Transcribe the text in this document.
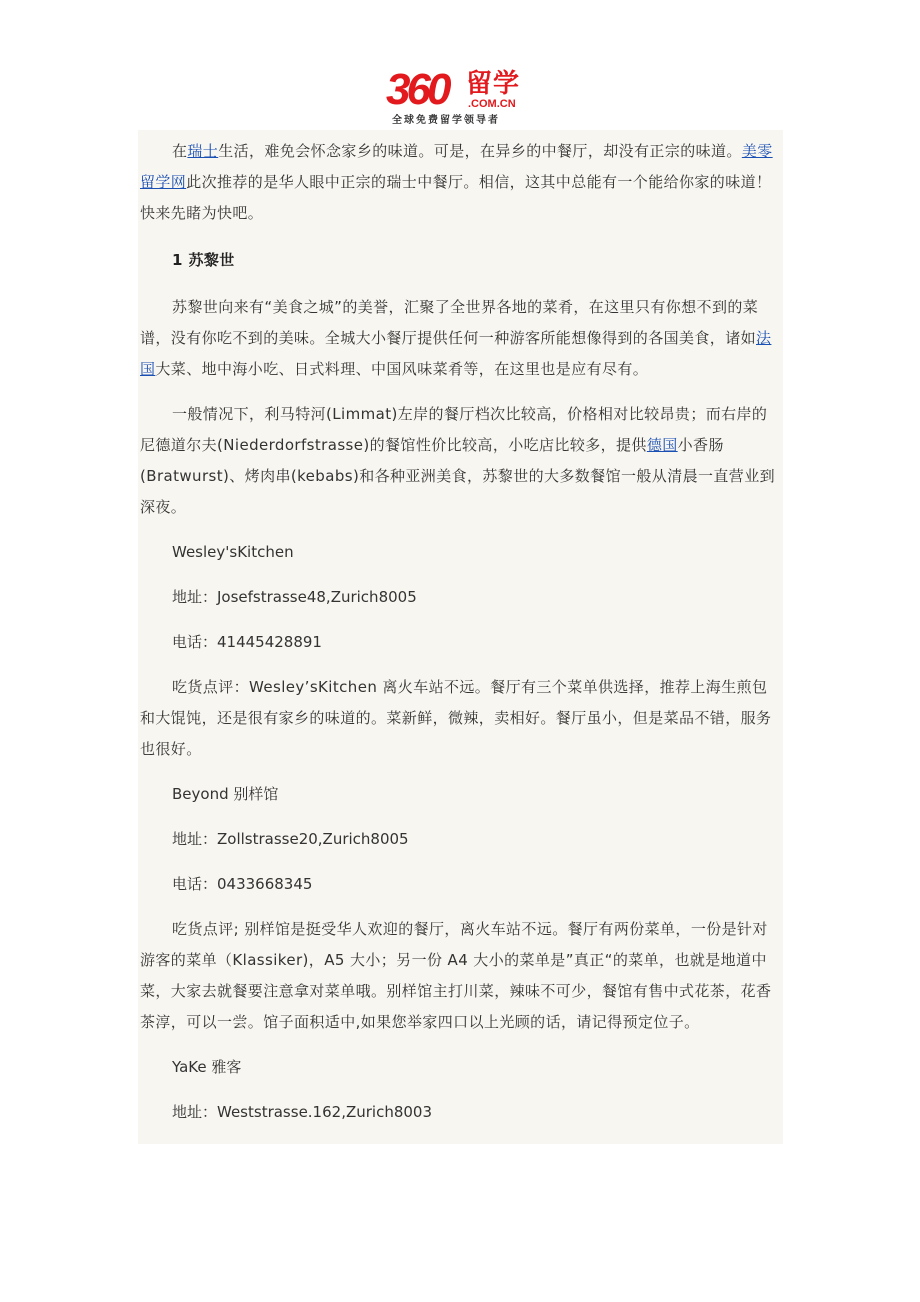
360 留学
.COM.CN
全球免费留学领导者

在瑞士生活，难免会怀念家乡的味道。可是，在异乡的中餐厅，却没有正宗的味道。美零留学网此次推荐的是华人眼中正宗的瑞士中餐厅。相信，这其中总能有一个能给你家的味道！快来先睹为快吧。

1 苏黎世

苏黎世向来有“美食之城”的美誉，汇聚了全世界各地的菜肴，在这里只有你想不到的菜谱，没有你吃不到的美味。全城大小餐厅提供任何一种游客所能想像得到的各国美食，诸如法国大菜、地中海小吃、日式料理、中国风味菜肴等，在这里也是应有尽有。

一般情况下，利马特河(Limmat)左岸的餐厅档次比较高，价格相对比较昂贵；而右岸的尼德道尔夫(Niederdorfstrasse)的餐馆性价比较高，小吃店比较多，提供德国小香肠(Bratwurst)、烤肉串(kebabs)和各种亚洲美食，苏黎世的大多数餐馆一般从清晨一直营业到深夜。

Wesley'sKitchen

地址：Josefstrasse48,Zurich8005

电话：41445428891

吃货点评：Wesley’sKitchen 离火车站不远。餐厅有三个菜单供选择，推荐上海生煎包和大馄饨，还是很有家乡的味道的。菜新鲜，微辣，卖相好。餐厅虽小，但是菜品不错，服务也很好。

Beyond 别样馆

地址：Zollstrasse20,Zurich8005

电话：0433668345

吃货点评; 别样馆是挺受华人欢迎的餐厅，离火车站不远。餐厅有两份菜单，一份是针对游客的菜单（Klassiker)，A5 大小；另一份 A4 大小的菜单是”真正“的菜单，也就是地道中菜，大家去就餐要注意拿对菜单哦。别样馆主打川菜，辣味不可少，餐馆有售中式花茶，花香茶淳，可以一尝。馆子面积适中,如果您举家四口以上光顾的话，请记得预定位子。

YaKe 雅客

地址：Weststrasse.162,Zurich8003
